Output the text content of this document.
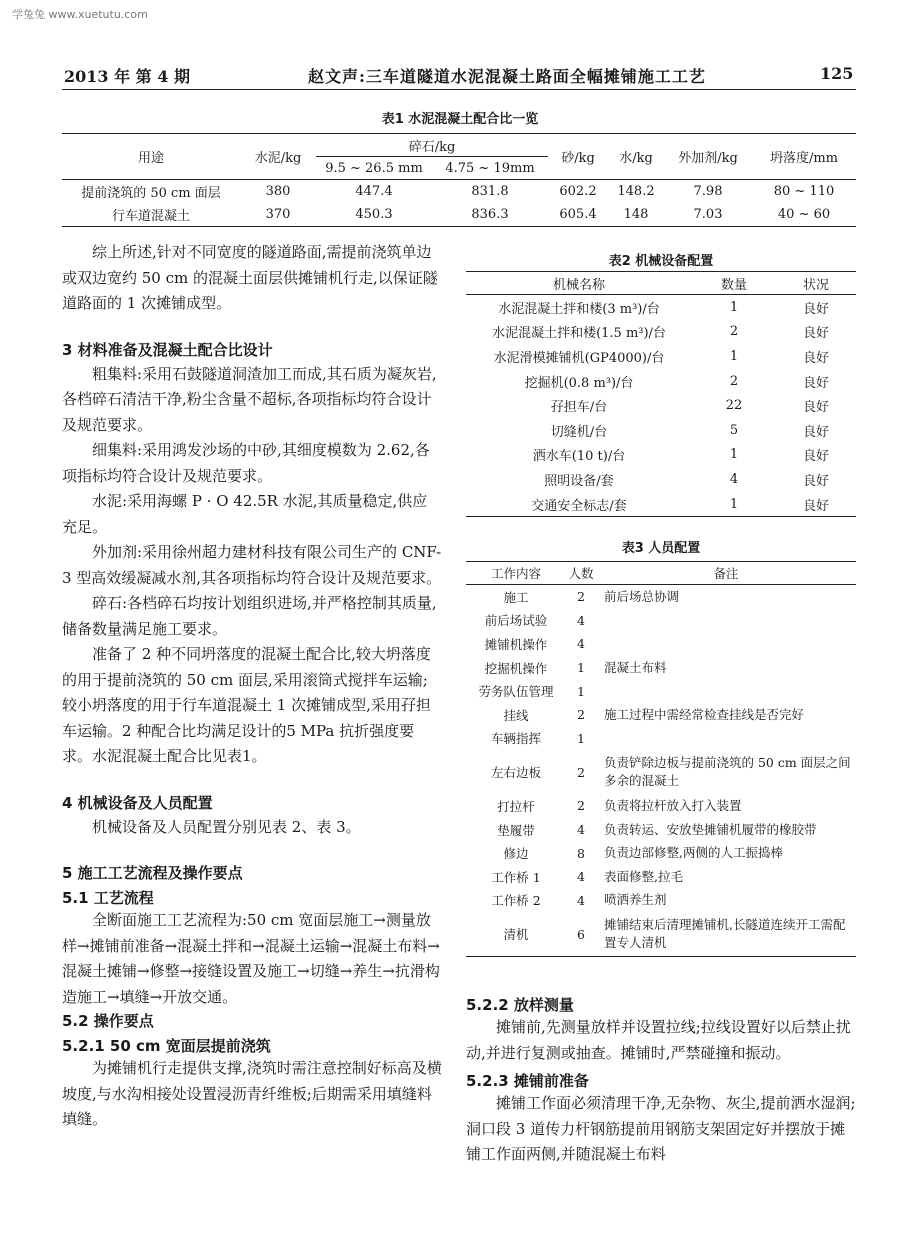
学兔兔 www.xuetutu.com
2013 年 第 4 期	赵文声:三车道隧道水泥混凝土路面全幅摊铺施工工艺	125
表1 水泥混凝土配合比一览
用途	水泥/kg	碎石/kg		砂/kg	水/kg	外加剂/kg	坍落度/mm
		9.5 ~ 26.5 mm	4.75 ~ 19mm				
提前浇筑的 50 cm 面层	380	447.4	831.8	602.2	148.2	7.98	80 ~ 110
行车道混凝土	370	450.3	836.3	605.4	148	7.03	40 ~ 60
综上所述,针对不同宽度的隧道路面,需提前浇筑单边或双边宽约 50 cm 的混凝土面层供摊铺机行走,以保证隧道路面的 1 次摊铺成型。
3 材料准备及混凝土配合比设计
粗集料:采用石鼓隧道洞渣加工而成,其石质为凝灰岩,各档碎石清洁干净,粉尘含量不超标,各项指标均符合设计及规范要求。
细集料:采用鸿发沙场的中砂,其细度模数为 2.62,各项指标均符合设计及规范要求。
水泥:采用海螺 P · O 42.5R 水泥,其质量稳定,供应充足。
外加剂:采用徐州超力建材科技有限公司生产的 CNF-3 型高效缓凝减水剂,其各项指标均符合设计及规范要求。
碎石:各档碎石均按计划组织进场,并严格控制其质量,储备数量满足施工要求。
准备了 2 种不同坍落度的混凝土配合比,较大坍落度的用于提前浇筑的 50 cm 面层,采用滚筒式搅拌车运输;较小坍落度的用于行车道混凝土 1 次摊铺成型,采用孖担车运输。2 种配合比均满足设计的5 MPa 抗折强度要求。水泥混凝土配合比见表1。
4 机械设备及人员配置
机械设备及人员配置分别见表 2、表 3。
5 施工工艺流程及操作要点
5.1 工艺流程
全断面施工工艺流程为:50 cm 宽面层施工→测量放样→摊铺前准备→混凝土拌和→混凝土运输→混凝土布料→混凝土摊铺→修整→接缝设置及施工→切缝→养生→抗滑构造施工→填缝→开放交通。
5.2 操作要点
5.2.1 50 cm 宽面层提前浇筑
为摊铺机行走提供支撑,浇筑时需注意控制好标高及横坡度,与水沟相接处设置浸沥青纤维板;后期需采用填缝料填缝。
表2 机械设备配置
机械名称	数量	状况
水泥混凝土拌和楼(3 m³)/台	1	良好
水泥混凝土拌和楼(1.5 m³)/台	2	良好
水泥滑模摊铺机(GP4000)/台	1	良好
挖掘机(0.8 m³)/台	2	良好
孖担车/台	22	良好
切缝机/台	5	良好
洒水车(10 t)/台	1	良好
照明设备/套	4	良好
交通安全标志/套	1	良好
表3 人员配置
工作内容	人数	备注
施工	2	前后场总协调
前后场试验	4	
摊铺机操作	4	
挖掘机操作	1	混凝土布料
劳务队伍管理	1	
挂线	2	施工过程中需经常检查挂线是否完好
车辆指挥	1	
左右边板	2	负责铲除边板与提前浇筑的 50 cm 面层之间多余的混凝土
打拉杆	2	负责将拉杆放入打入装置
垫履带	4	负责转运、安放垫摊铺机履带的橡胶带
修边	8	负责边部修整,两侧的人工振捣棒
工作桥 1	4	表面修整,拉毛
工作桥 2	4	喷洒养生剂
清机	6	摊铺结束后清理摊铺机,长隧道连续开工需配置专人清机
5.2.2 放样测量
摊铺前,先测量放样并设置拉线;拉线设置好以后禁止扰动,并进行复测或抽查。摊铺时,严禁碰撞和振动。
5.2.3 摊铺前准备
摊铺工作面必须清理干净,无杂物、灰尘,提前洒水湿润;洞口段 3 道传力杆钢筋提前用钢筋支架固定好并摆放于摊铺工作面两侧,并随混凝土布料
